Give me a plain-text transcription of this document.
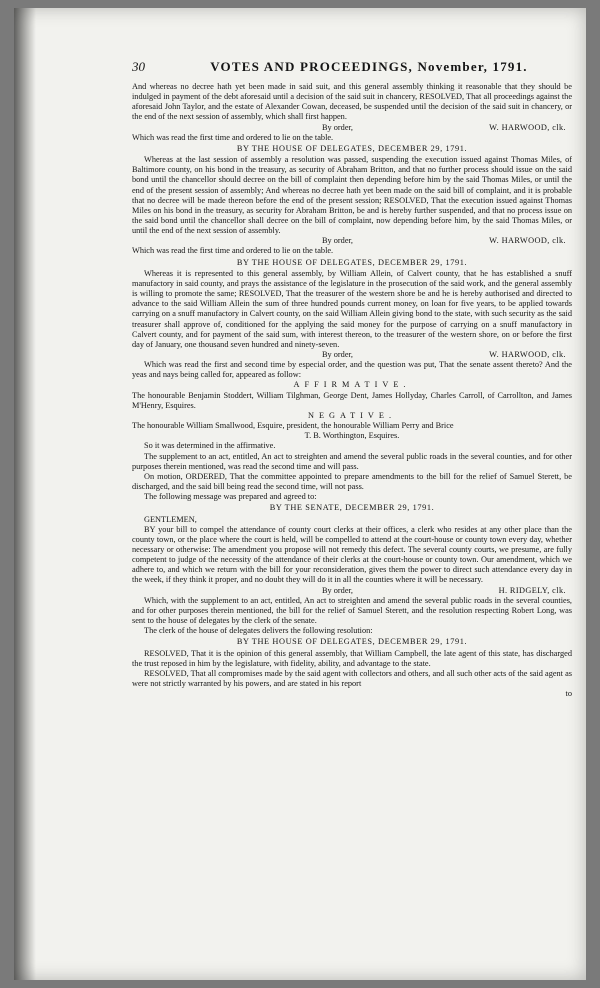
30	VOTES AND PROCEEDINGS, November, 1791.

And whereas no decree hath yet been made in said suit, and this general assembly thinking it reasonable that they should be indulged in payment of the debt aforesaid until a decision of the said suit in chancery, RESOLVED, That all proceedings against the aforesaid John Taylor, and the estate of Alexander Cowan, deceased, be suspended until the decision of the said suit in chancery, or the end of the next session of assembly, which shall first happen.

By order,	W. HARWOOD, clk.

Which was read the first time and ordered to lie on the table.

BY THE HOUSE OF DELEGATES, DECEMBER 29, 1791.

Whereas at the last session of assembly a resolution was passed, suspending the execution issued against Thomas Miles, of Baltimore county, on his bond in the treasury, as security of Abraham Britton, and that no further process should issue on the said bond until the chancellor should decree on the bill of complaint then depending before him by the said Thomas Miles, or until the end of the present session of assembly; And whereas no decree hath yet been made on the said bill of complaint, and it is probable that no decree will be made thereon before the end of the present session; RESOLVED, That the execution issued against Thomas Miles on his bond in the treasury, as security for Abraham Britton, be and is hereby further suspended, and that no process issue on the said bond until the chancellor shall decree on the bill of complaint, now depending before him, by the said Thomas Miles, or until the end of the next session of assembly.

By order,	W. HARWOOD, clk.

Which was read the first time and ordered to lie on the table.

BY THE HOUSE OF DELEGATES, DECEMBER 29, 1791.

Whereas it is represented to this general assembly, by William Allein, of Calvert county, that he has established a snuff manufactory in said county, and prays the assistance of the legislature in the prosecution of the said work, and the general assembly is willing to promote the same; RESOLVED, That the treasurer of the western shore be and he is hereby authorised and directed to advance to the said William Allein the sum of three hundred pounds current money, on loan for five years, to be applied towards carrying on a snuff manufactory in Calvert county, on the said William Allein giving bond to the state, with such security as the said treasurer shall approve of, conditioned for the applying the said money for the purpose of carrying on a snuff manufactory in Calvert county, and for payment of the said sum, with interest thereon, to the treasurer of the western shore, on or before the first day of January, one thousand seven hundred and ninety-seven.

By order,	W. HARWOOD, clk.

Which was read the first and second time by especial order, and the question was put, That the senate assent thereto? And the yeas and nays being called for, appeared as follow:

AFFIRMATIVE.

The honourable Benjamin Stoddert, William Tilghman, George Dent, James Hollyday, Charles Carroll, of Carrollton, and James M'Henry, Esquires.

NEGATIVE.

The honourable William Smallwood, Esquire, president, the honourable William Perry and Brice

T. B. Worthington, Esquires.

So it was determined in the affirmative.

The supplement to an act, entitled, An act to streighten and amend the several public roads in the several counties, and for other purposes therein mentioned, was read the second time and will pass.

On motion, ORDERED, That the committee appointed to prepare amendments to the bill for the relief of Samuel Sterett, be discharged, and the said bill being read the second time, will not pass.

The following message was prepared and agreed to:

BY THE SENATE, DECEMBER 29, 1791.

GENTLEMEN,

BY your bill to compel the attendance of county court clerks at their offices, a clerk who resides at any other place than the county town, or the place where the court is held, will be compelled to attend at the court-house or county town every day, whether necessary or otherwise: The amendment you propose will not remedy this defect. The several county courts, we presume, are fully competent to judge of the necessity of the attendance of their clerks at the court-house or county town. Our amendment, which we adhere to, and which we return with the bill for your reconsideration, gives them the power to direct such attendance every day in the week, if they think it proper, and no doubt they will do it in all the counties where it will be necessary.

By order,	H. RIDGELY, clk.

Which, with the supplement to an act, entitled, An act to streighten and amend the several public roads in the several counties, and for other purposes therein mentioned, the bill for the relief of Samuel Sterett, and the resolution respecting Robert Long, was sent to the house of delegates by the clerk of the senate.

The clerk of the house of delegates delivers the following resolution:

BY THE HOUSE OF DELEGATES, DECEMBER 29, 1791.

RESOLVED, That it is the opinion of this general assembly, that William Campbell, the late agent of this state, has discharged the trust reposed in him by the legislature, with fidelity, ability, and advantage to the state.

RESOLVED, That all compromises made by the said agent with collectors and others, and all such other acts of the said agent as were not strictly warranted by his powers, and are stated in his report

to
